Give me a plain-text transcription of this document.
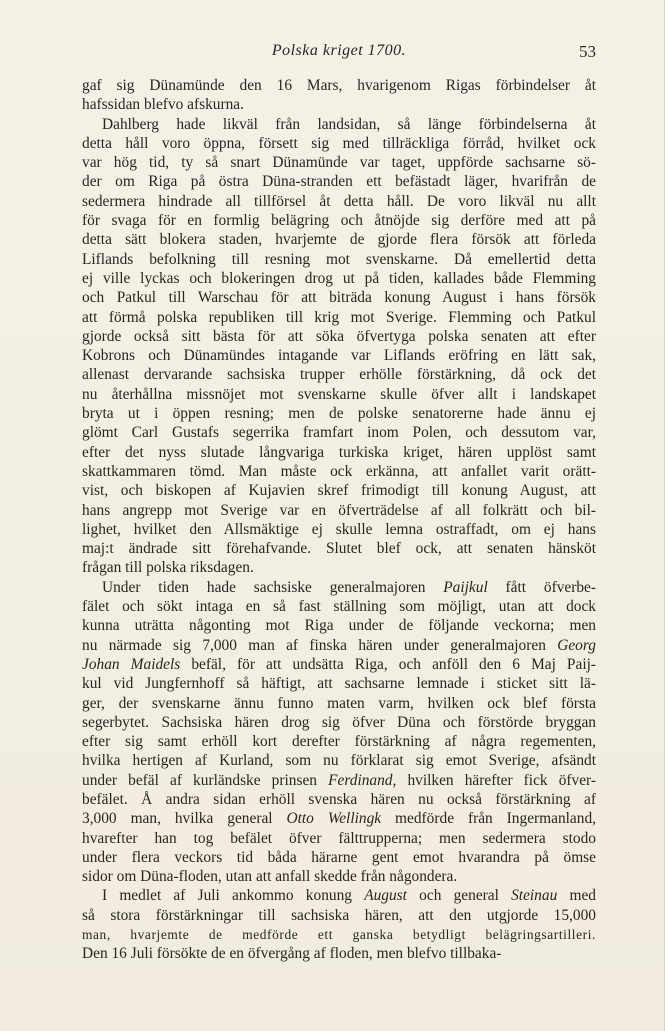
Polska kriget 1700.	53
gaf sig Dünamünde den 16 Mars, hvarigenom Rigas förbindelser åt
hafssidan blefvo afskurna.
Dahlberg hade likväl från landsidan, så länge förbindelserna åt
detta håll voro öppna, försett sig med tillräckliga förråd, hvilket ock
var hög tid, ty så snart Dünamünde var taget, uppförde sachsarne sö-
der om Riga på östra Düna-stranden ett befästadt läger, hvarifrån de
sedermera hindrade all tillförsel åt detta håll. De voro likväl nu allt
för svaga för en formlig belägring och åtnöjde sig derföre med att på
detta sätt blokera staden, hvarjemte de gjorde flera försök att förleda
Liflands befolkning till resning mot svenskarne. Då emellertid detta
ej ville lyckas och blokeringen drog ut på tiden, kallades både Flemming
och Patkul till Warschau för att biträda konung August i hans försök
att förmå polska republiken till krig mot Sverige. Flemming och Patkul
gjorde också sitt bästa för att söka öfvertyga polska senaten att efter
Kobrons och Dünamündes intagande var Liflands eröfring en lätt sak,
allenast dervarande sachsiska trupper erhölle förstärkning, då ock det
nu återhållna missnöjet mot svenskarne skulle öfver allt i landskapet
bryta ut i öppen resning; men de polske senatorerne hade ännu ej
glömt Carl Gustafs segerrika framfart inom Polen, och dessutom var,
efter det nyss slutade långvariga turkiska kriget, hären upplöst samt
skattkammaren tömd. Man måste ock erkänna, att anfallet varit orätt-
vist, och biskopen af Kujavien skref frimodigt till konung August, att
hans angrepp mot Sverige var en öfverträdelse af all folkrätt och bil-
lighet, hvilket den Allsmäktige ej skulle lemna ostraffadt, om ej hans
maj:t ändrade sitt förehafvande. Slutet blef ock, att senaten hänsköt
frågan till polska riksdagen.
Under tiden hade sachsiske generalmajoren Paijkul fått öfverbe-
fälet och sökt intaga en så fast ställning som möjligt, utan att dock
kunna uträtta någonting mot Riga under de följande veckorna; men
nu närmade sig 7,000 man af finska hären under generalmajoren Georg
Johan Maidels befäl, för att undsätta Riga, och anföll den 6 Maj Paij-
kul vid Jungfernhoff så häftigt, att sachsarne lemnade i sticket sitt lä-
ger, der svenskarne ännu funno maten varm, hvilken ock blef första
segerbytet. Sachsiska hären drog sig öfver Düna och förstörde bryggan
efter sig samt erhöll kort derefter förstärkning af några regementen,
hvilka hertigen af Kurland, som nu förklarat sig emot Sverige, afsändt
under befäl af kurländske prinsen Ferdinand, hvilken härefter fick öfver-
befälet. Å andra sidan erhöll svenska hären nu också förstärkning af
3,000 man, hvilka general Otto Wellingk medförde från Ingermanland,
hvarefter han tog befälet öfver fälttrupperna; men sedermera stodo
under flera veckors tid båda härarne gent emot hvarandra på ömse
sidor om Düna-floden, utan att anfall skedde från någondera.
I medlet af Juli ankommo konung August och general Steinau med
så stora förstärkningar till sachsiska hären, att den utgjorde 15,000
man, hvarjemte de medförde ett ganska betydligt belägringsartilleri.
Den 16 Juli försökte de en öfvergång af floden, men blefvo tillbaka-
